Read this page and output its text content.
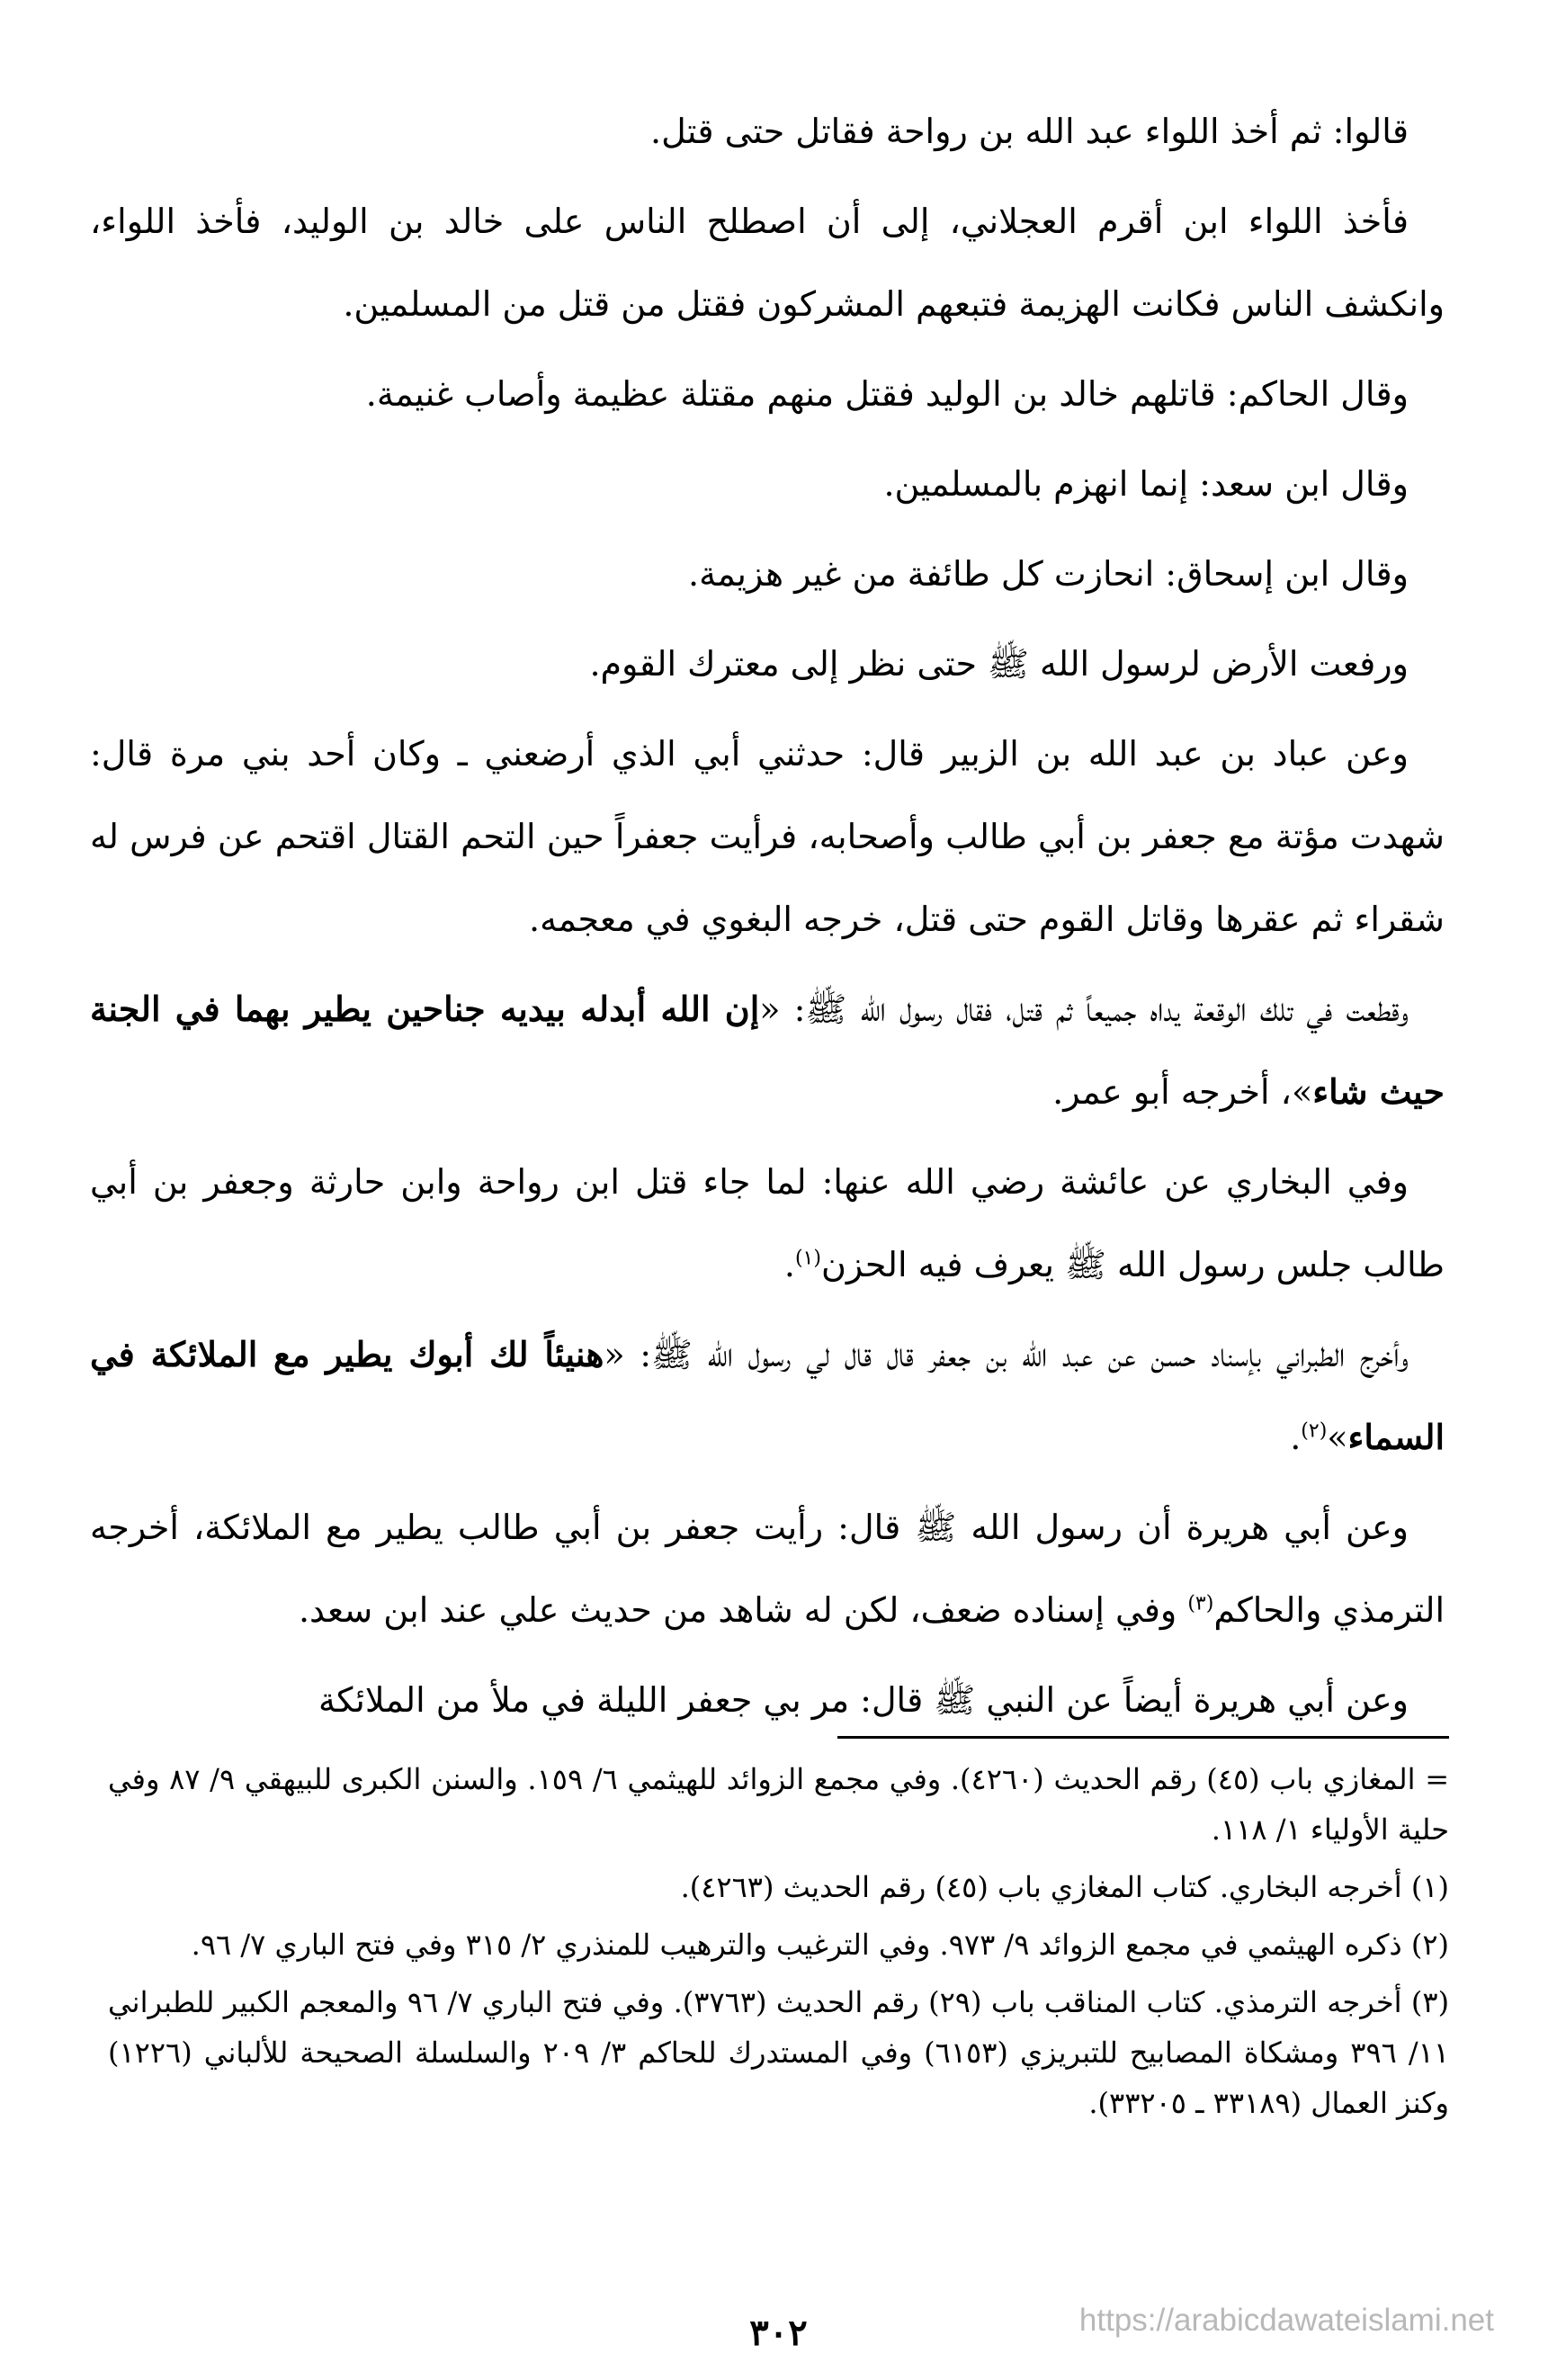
قالوا: ثم أخذ اللواء عبد الله بن رواحة فقاتل حتى قتل.

فأخذ اللواء ابن أقرم العجلاني، إلى أن اصطلح الناس على خالد بن الوليد، فأخذ اللواء، وانكشف الناس فكانت الهزيمة فتبعهم المشركون فقتل من قتل من المسلمين.

وقال الحاكم: قاتلهم خالد بن الوليد فقتل منهم مقتلة عظيمة وأصاب غنيمة.

وقال ابن سعد: إنما انهزم بالمسلمين.

وقال ابن إسحاق: انحازت كل طائفة من غير هزيمة.

ورفعت الأرض لرسول الله ﷺ حتى نظر إلى معترك القوم.

وعن عباد بن عبد الله بن الزبير قال: حدثني أبي الذي أرضعني ـ وكان أحد بني مرة قال: شهدت مؤتة مع جعفر بن أبي طالب وأصحابه، فرأيت جعفراً حين التحم القتال اقتحم عن فرس له شقراء ثم عقرها وقاتل القوم حتى قتل، خرجه البغوي في معجمه.

وقطعت في تلك الوقعة يداه جميعاً ثم قتل، فقال رسول الله ﷺ: «إن الله أبدله بيديه جناحين يطير بهما في الجنة حيث شاء»، أخرجه أبو عمر.

وفي البخاري عن عائشة رضي الله عنها: لما جاء قتل ابن رواحة وابن حارثة وجعفر بن أبي طالب جلس رسول الله ﷺ يعرف فيه الحزن$^{(١)}$.

وأخرج الطبراني بإسناد حسن عن عبد الله بن جعفر قال قال لي رسول الله ﷺ: «هنيئاً لك أبوك يطير مع الملائكة في السماء»$^{(٢)}$.

وعن أبي هريرة أن رسول الله ﷺ قال: رأيت جعفر بن أبي طالب يطير مع الملائكة، أخرجه الترمذي والحاكم$^{(٣)}$ وفي إسناده ضعف، لكن له شاهد من حديث علي عند ابن سعد.

وعن أبي هريرة أيضاً عن النبي ﷺ قال: مر بي جعفر الليلة في ملأ من الملائكة

= المغازي باب (٤٥) رقم الحديث (٤٢٦٠). وفي مجمع الزوائد للهيثمي ٦/ ١٥٩. والسنن الكبرى للبيهقي ٩/ ٨٧ وفي حلية الأولياء ١/ ١١٨.

(١) أخرجه البخاري. كتاب المغازي باب (٤٥) رقم الحديث (٤٢٦٣).

(٢) ذكره الهيثمي في مجمع الزوائد ٩/ ٩٧٣. وفي الترغيب والترهيب للمنذري ٢/ ٣١٥ وفي فتح الباري ٧/ ٩٦.

(٣) أخرجه الترمذي. كتاب المناقب باب (٢٩) رقم الحديث (٣٧٦٣). وفي فتح الباري ٧/ ٩٦ والمعجم الكبير للطبراني ١١/ ٣٩٦ ومشكاة المصابيح للتبريزي (٦١٥٣) وفي المستدرك للحاكم ٣/ ٢٠٩ والسلسلة الصحيحة للألباني (١٢٢٦) وكنز العمال (٣٣١٨٩ ـ ٣٣٢٠٥).

٣٠٢	https://arabicdawateislami.net
